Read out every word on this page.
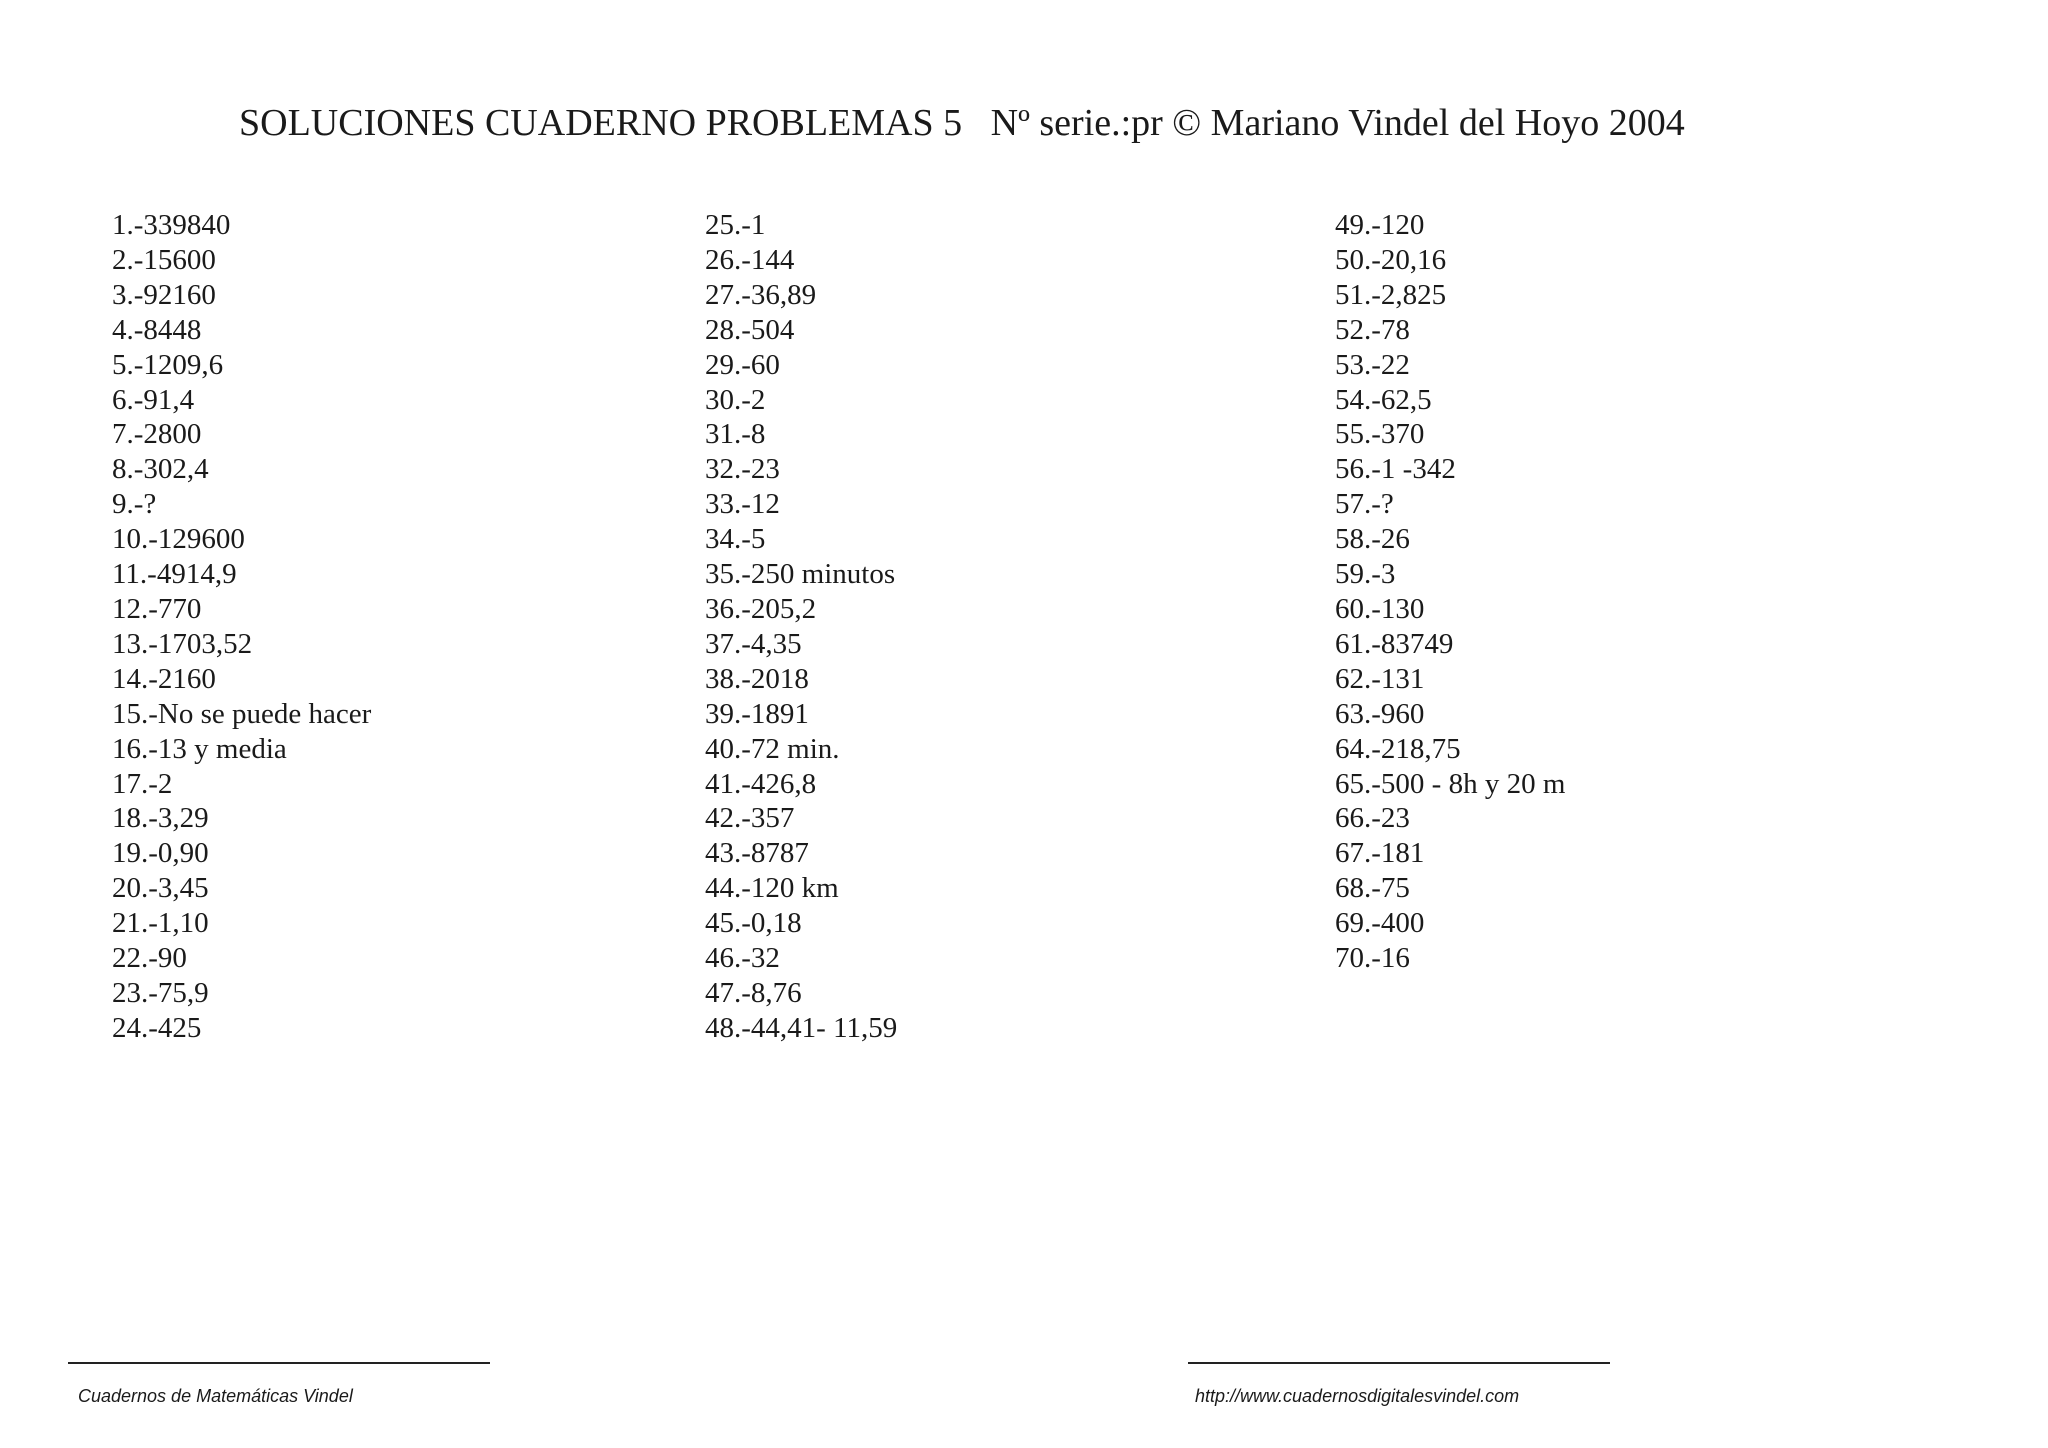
SOLUCIONES CUADERNO PROBLEMAS 5   Nº serie.:pr © Mariano Vindel del Hoyo 2004
1.-339840
2.-15600
3.-92160
4.-8448
5.-1209,6
6.-91,4
7.-2800
8.-302,4
9.-?
10.-129600
11.-4914,9
12.-770
13.-1703,52
14.-2160
15.-No se puede hacer
16.-13 y media
17.-2
18.-3,29
19.-0,90
20.-3,45
21.-1,10
22.-90
23.-75,9
24.-425
25.-1
26.-144
27.-36,89
28.-504
29.-60
30.-2
31.-8
32.-23
33.-12
34.-5
35.-250 minutos
36.-205,2
37.-4,35
38.-2018
39.-1891
40.-72 min.
41.-426,8
42.-357
43.-8787
44.-120 km
45.-0,18
46.-32
47.-8,76
48.-44,41- 11,59
49.-120
50.-20,16
51.-2,825
52.-78
53.-22
54.-62,5
55.-370
56.-1 -342
57.-?
58.-26
59.-3
60.-130
61.-83749
62.-131
63.-960
64.-218,75
65.-500 - 8h y 20 m
66.-23
67.-181
68.-75
69.-400
70.-16
Cuadernos de Matemáticas Vindel	http://www.cuadernosdigitalesvindel.com
